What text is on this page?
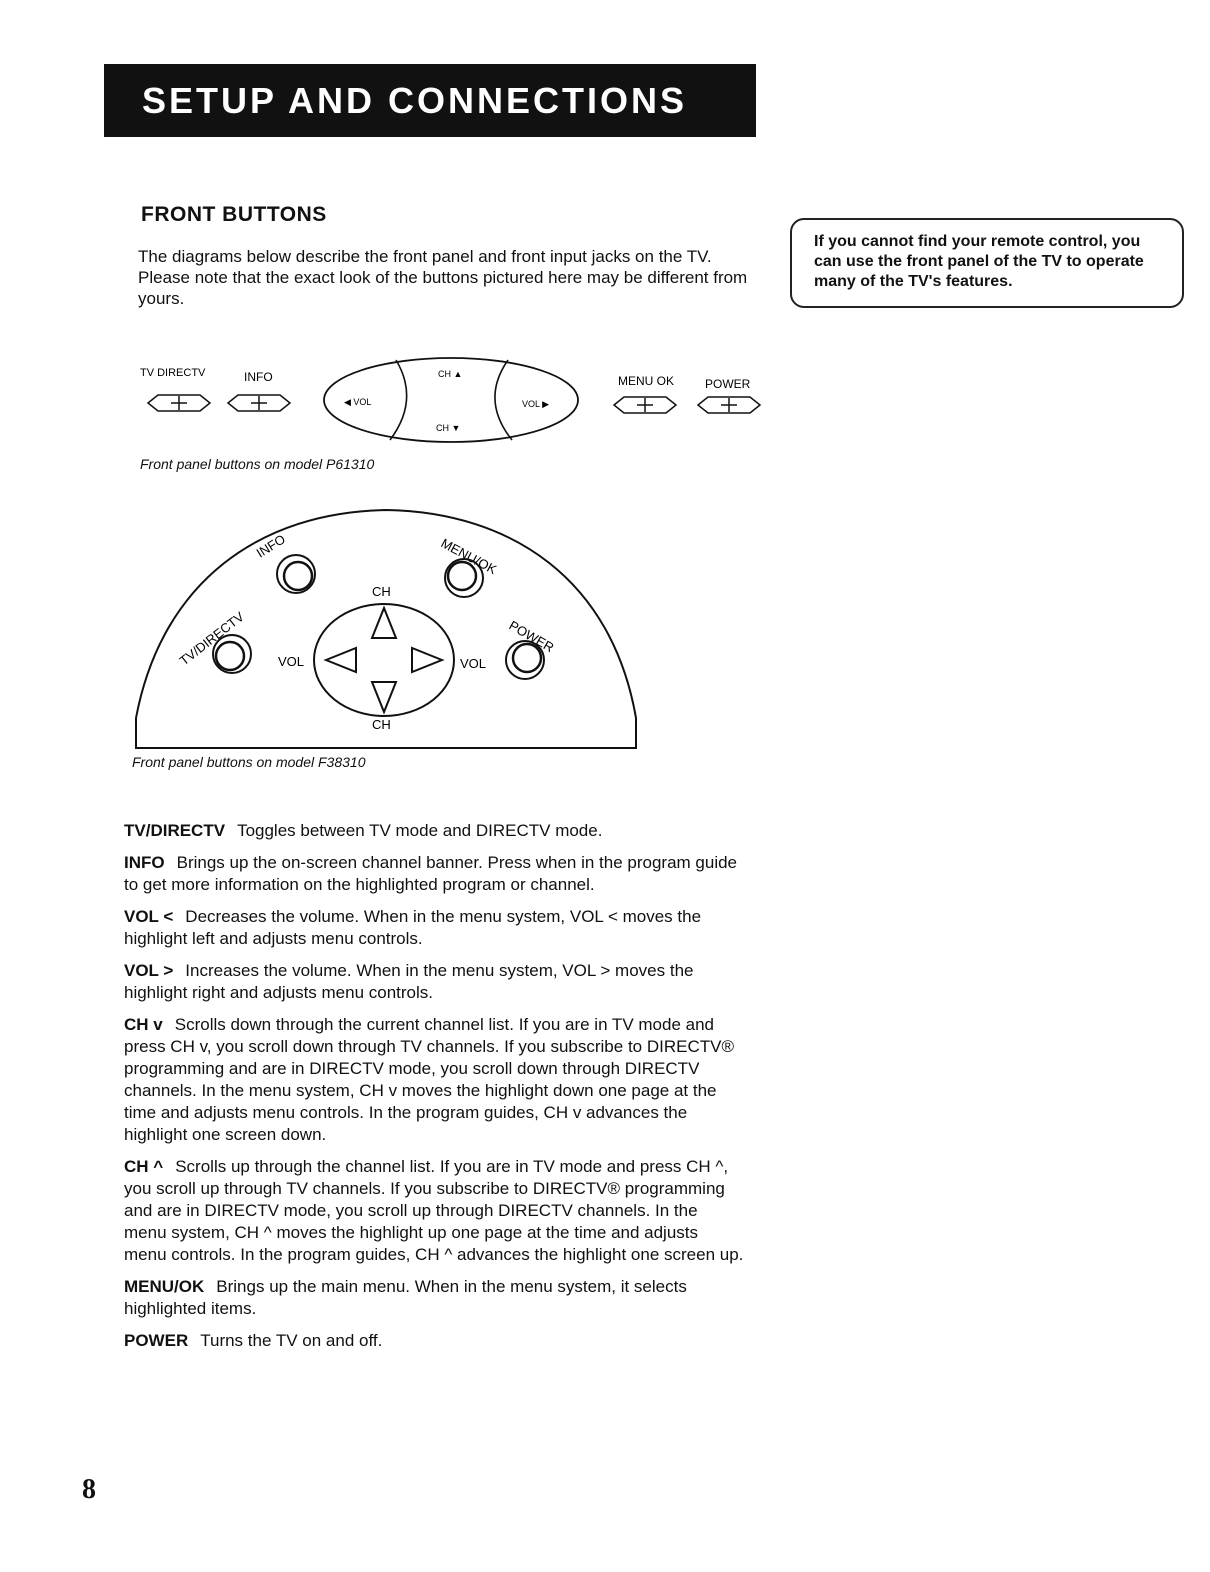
SETUP AND CONNECTIONS
FRONT BUTTONS
The diagrams below describe the front panel and front input jacks on the TV. Please note that the exact look of the buttons pictured here may be different from yours.
If you cannot find your remote control, you can use the front panel of the TV to operate many of the TV's features.
TV DIRECTV	INFO	CH ▲
CH ▼
◀ VOL	VOL ▶
MENU OK	POWER
Front panel buttons on model P61310
INFO	MENU/OK
TV/DIRECTV	POWER
CH
CH
VOL	VOL
Front panel buttons on model F38310

TV/DIRECTV Toggles between TV mode and DIRECTV mode.

INFO Brings up the on-screen channel banner. Press when in the program guide to get more information on the highlighted program or channel.

VOL < Decreases the volume. When in the menu system, VOL < moves the highlight left and adjusts menu controls.

VOL > Increases the volume. When in the menu system, VOL > moves the highlight right and adjusts menu controls.

CH v Scrolls down through the current channel list. If you are in TV mode and press CH v, you scroll down through TV channels. If you subscribe to DIRECTV® programming and are in DIRECTV mode, you scroll down through DIRECTV channels. In the menu system, CH v moves the highlight down one page at the time and adjusts menu controls. In the program guides, CH v advances the highlight one screen down.

CH ^ Scrolls up through the channel list. If you are in TV mode and press CH ^, you scroll up through TV channels. If you subscribe to DIRECTV® programming and are in DIRECTV mode, you scroll up through DIRECTV channels. In the menu system, CH ^ moves the highlight up one page at the time and adjusts menu controls. In the program guides, CH ^ advances the highlight one screen up.

MENU/OK Brings up the main menu. When in the menu system, it selects highlighted items.

POWER Turns the TV on and off.

8
